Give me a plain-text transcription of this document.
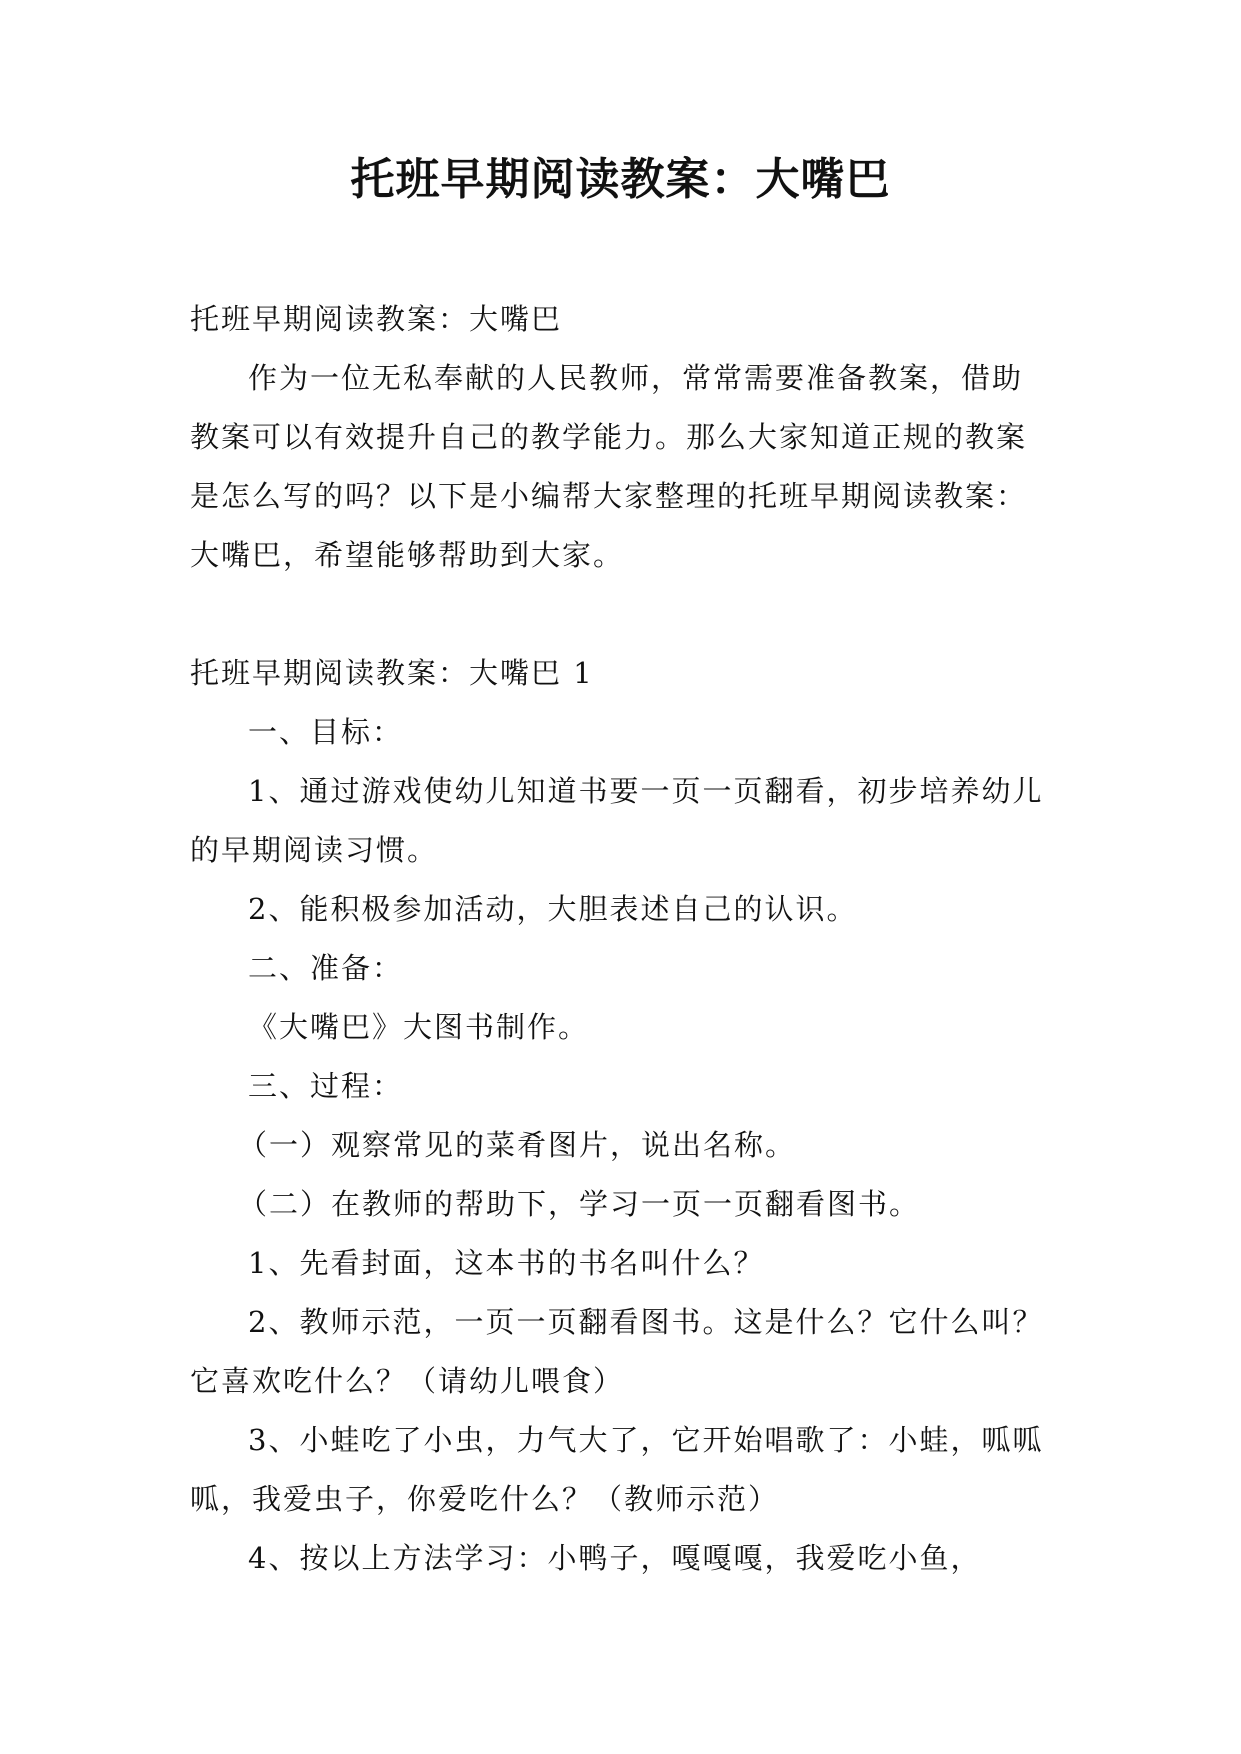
托班早期阅读教案：大嘴巴

托班早期阅读教案：大嘴巴

作为一位无私奉献的人民教师，常常需要准备教案，借助教案可以有效提升自己的教学能力。那么大家知道正规的教案是怎么写的吗？以下是小编帮大家整理的托班早期阅读教案：大嘴巴，希望能够帮助到大家。

托班早期阅读教案：大嘴巴 1

一、目标：

1、通过游戏使幼儿知道书要一页一页翻看，初步培养幼儿的早期阅读习惯。

2、能积极参加活动，大胆表述自己的认识。

二、准备：

《大嘴巴》大图书制作。

三、过程：

（一）观察常见的菜肴图片，说出名称。

（二）在教师的帮助下，学习一页一页翻看图书。

1、先看封面，这本书的书名叫什么？

2、教师示范，一页一页翻看图书。这是什么？它什么叫？它喜欢吃什么？（请幼儿喂食）

3、小蛙吃了小虫，力气大了，它开始唱歌了：小蛙，呱呱呱，我爱虫子，你爱吃什么？（教师示范）

4、按以上方法学习：小鸭子，嘎嘎嘎，我爱吃小鱼，
